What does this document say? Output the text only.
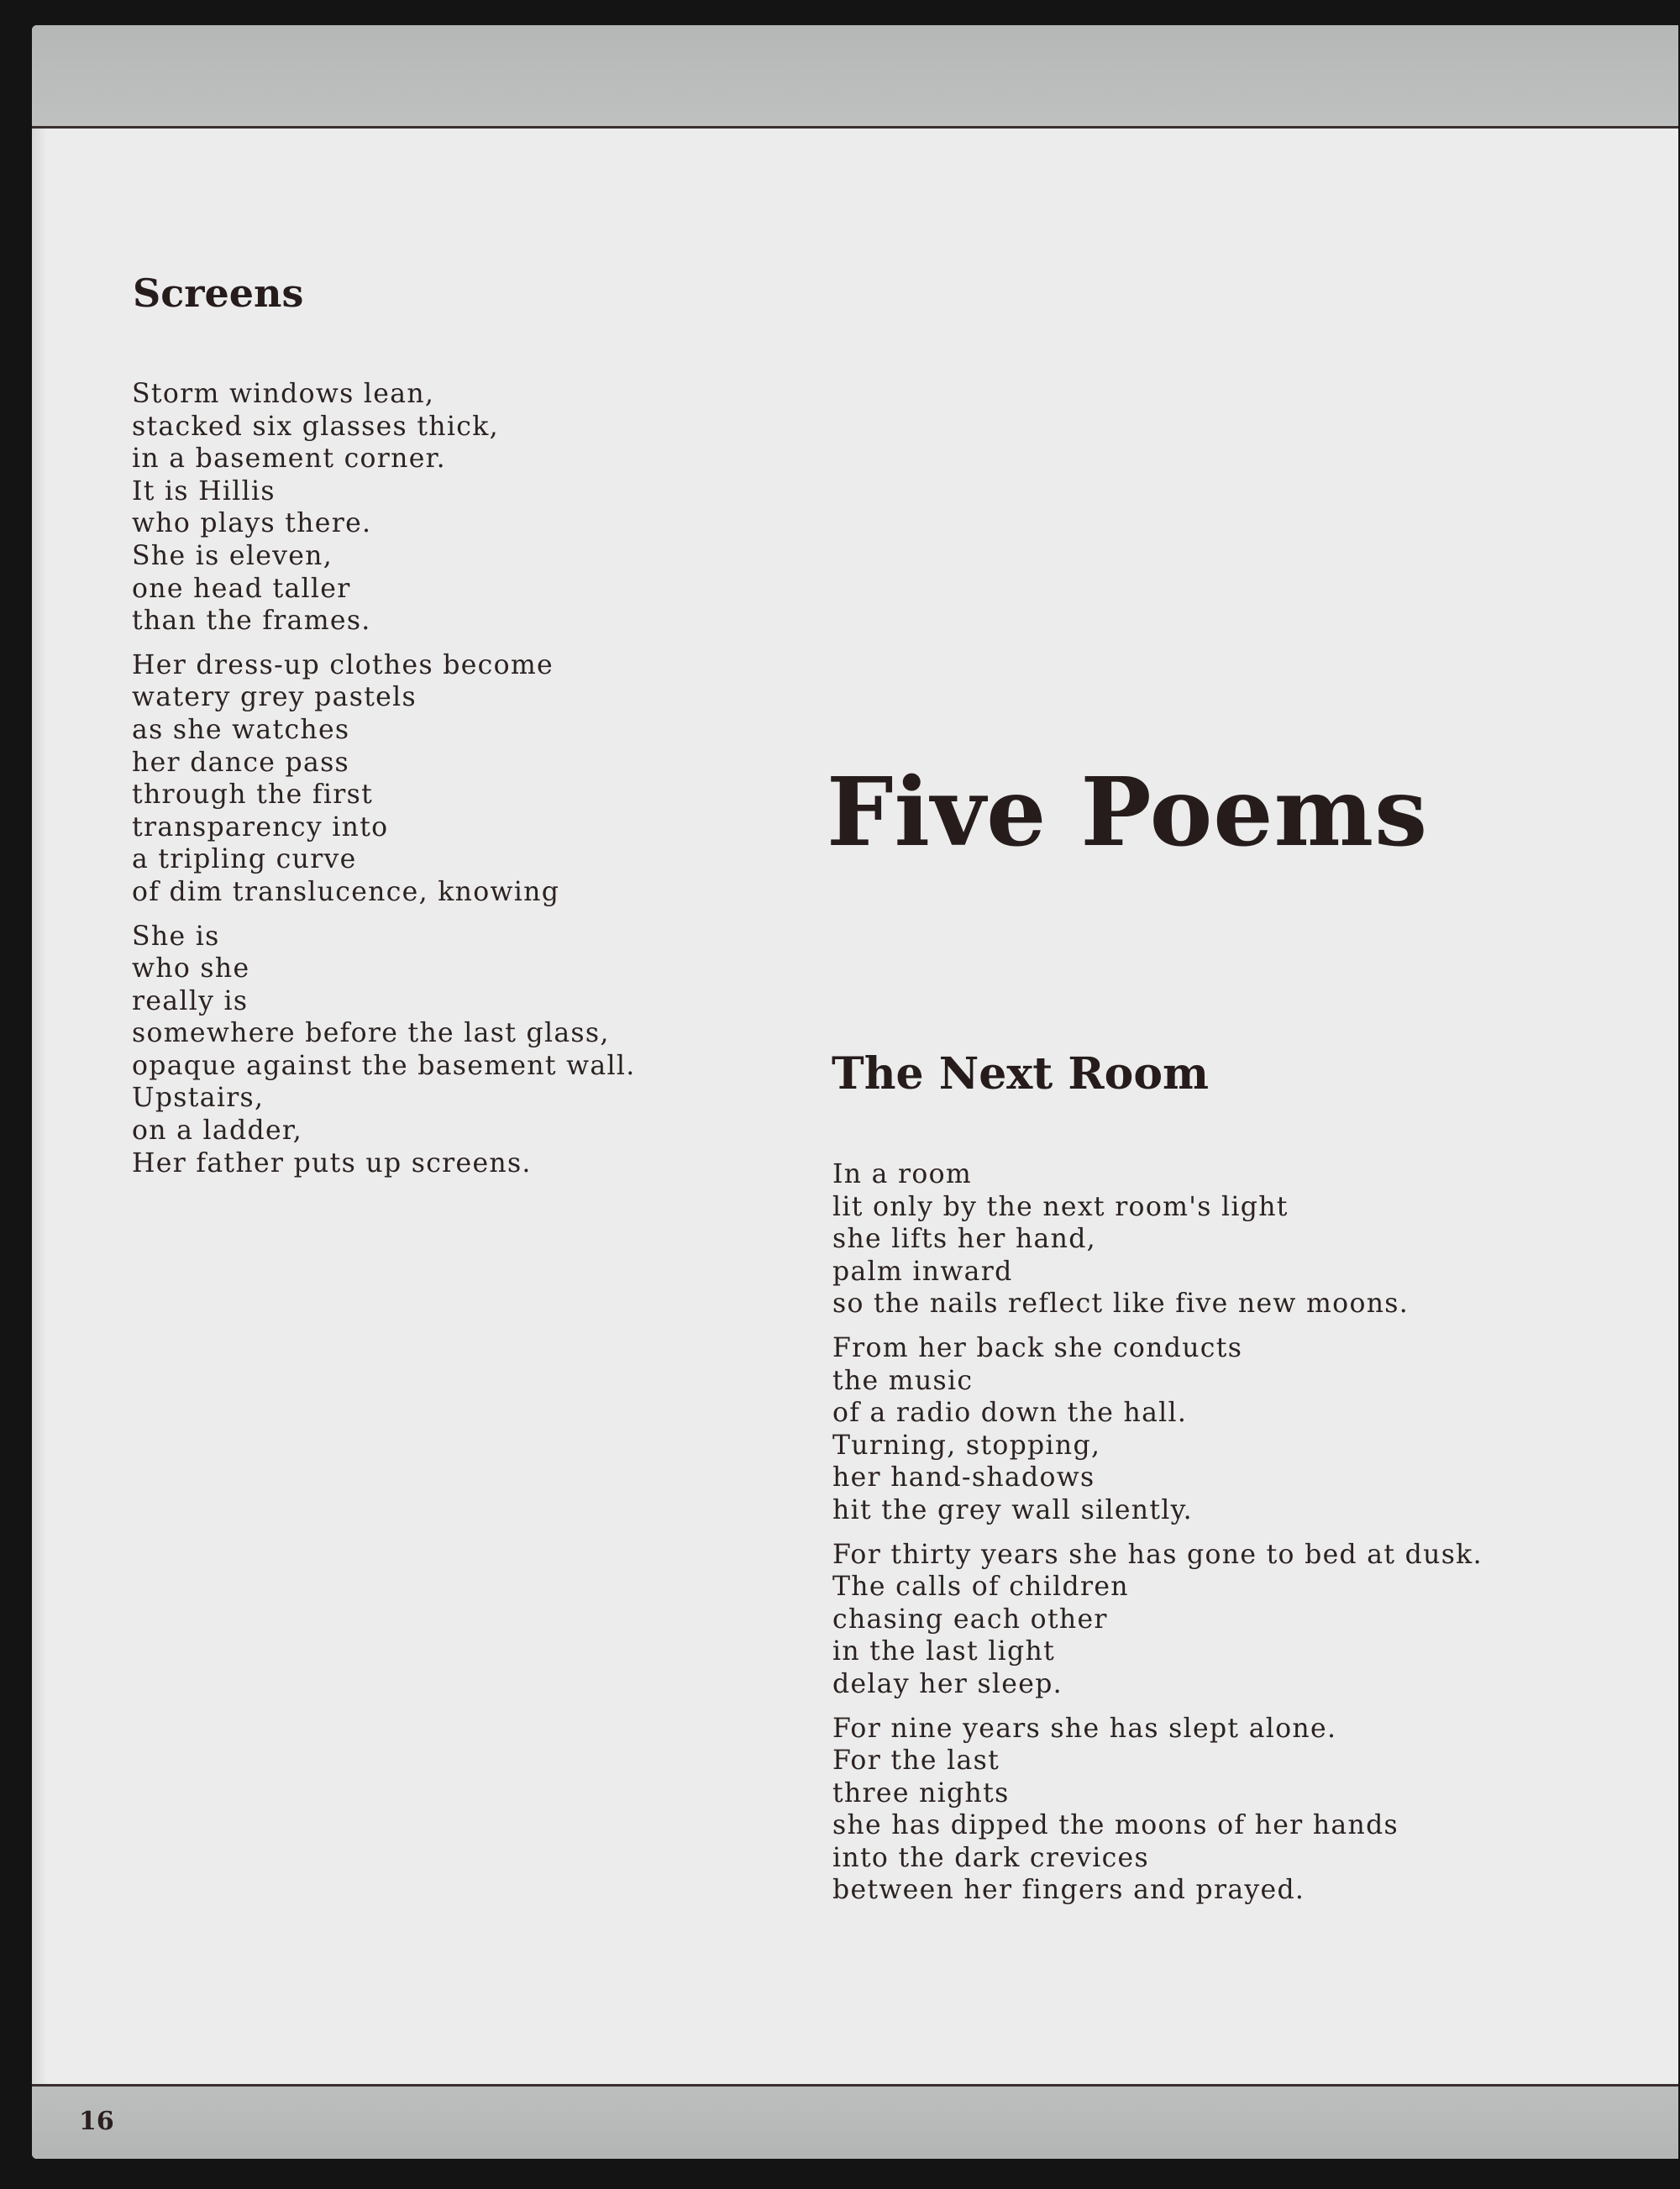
Screens
Storm windows lean,
stacked six glasses thick,
in a basement corner.
It is Hillis
who plays there.
She is eleven,
one head taller
than the frames.
Her dress-up clothes become
watery grey pastels
as she watches
her dance pass
through the first
transparency into
a tripling curve
of dim translucence, knowing
She is
who she
really is
somewhere before the last glass,
opaque against the basement wall.
Upstairs,
on a ladder,
Her father puts up screens.
Five Poems
The Next Room
In a room
lit only by the next room's light
she lifts her hand,
palm inward
so the nails reflect like five new moons.
From her back she conducts
the music
of a radio down the hall.
Turning, stopping,
her hand-shadows
hit the grey wall silently.
For thirty years she has gone to bed at dusk.
The calls of children
chasing each other
in the last light
delay her sleep.
For nine years she has slept alone.
For the last
three nights
she has dipped the moons of her hands
into the dark crevices
between her fingers and prayed.
16
